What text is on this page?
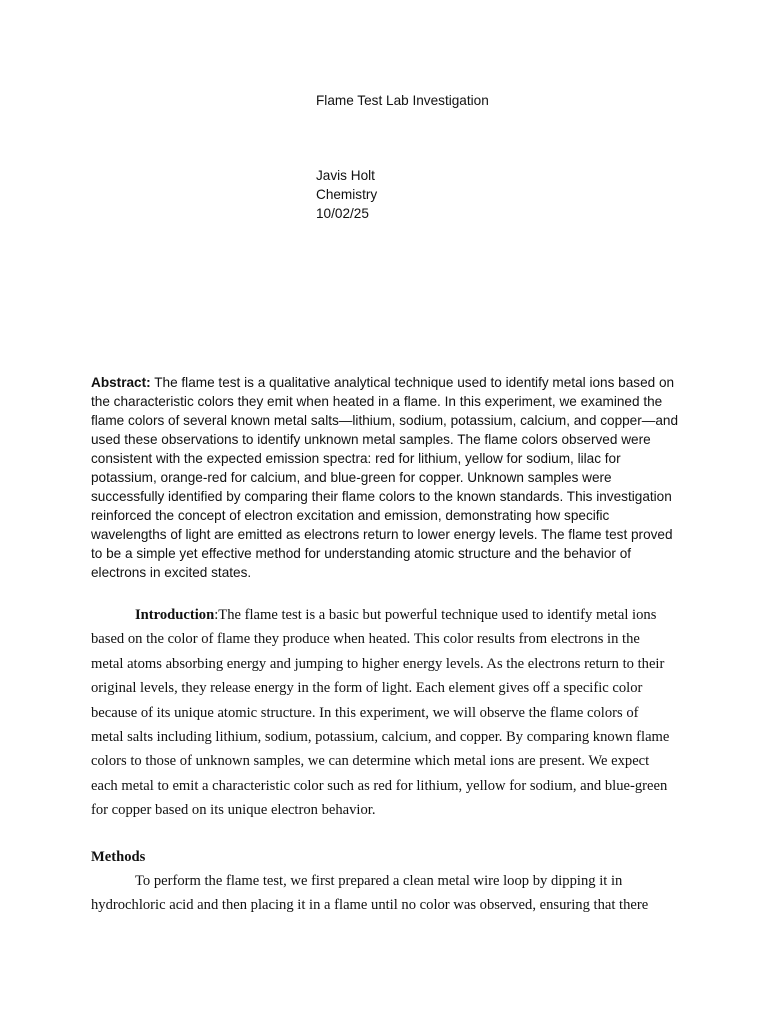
Flame Test Lab Investigation
Javis Holt
Chemistry
10/02/25

Abstract: The flame test is a qualitative analytical technique used to identify metal ions based on the characteristic colors they emit when heated in a flame. In this experiment, we examined the flame colors of several known metal salts—lithium, sodium, potassium, calcium, and copper—and used these observations to identify unknown metal samples. The flame colors observed were consistent with the expected emission spectra: red for lithium, yellow for sodium, lilac for potassium, orange-red for calcium, and blue-green for copper. Unknown samples were successfully identified by comparing their flame colors to the known standards. This investigation reinforced the concept of electron excitation and emission, demonstrating how specific wavelengths of light are emitted as electrons return to lower energy levels. The flame test proved to be a simple yet effective method for understanding atomic structure and the behavior of electrons in excited states.

Introduction:The flame test is a basic but powerful technique used to identify metal ions based on the color of flame they produce when heated. This color results from electrons in the metal atoms absorbing energy and jumping to higher energy levels. As the electrons return to their original levels, they release energy in the form of light. Each element gives off a specific color because of its unique atomic structure. In this experiment, we will observe the flame colors of metal salts including lithium, sodium, potassium, calcium, and copper. By comparing known flame colors to those of unknown samples, we can determine which metal ions are present. We expect each metal to emit a characteristic color such as red for lithium, yellow for sodium, and blue-green for copper based on its unique electron behavior.

Methods

To perform the flame test, we first prepared a clean metal wire loop by dipping it in
hydrochloric acid and then placing it in a flame until no color was observed, ensuring that there
